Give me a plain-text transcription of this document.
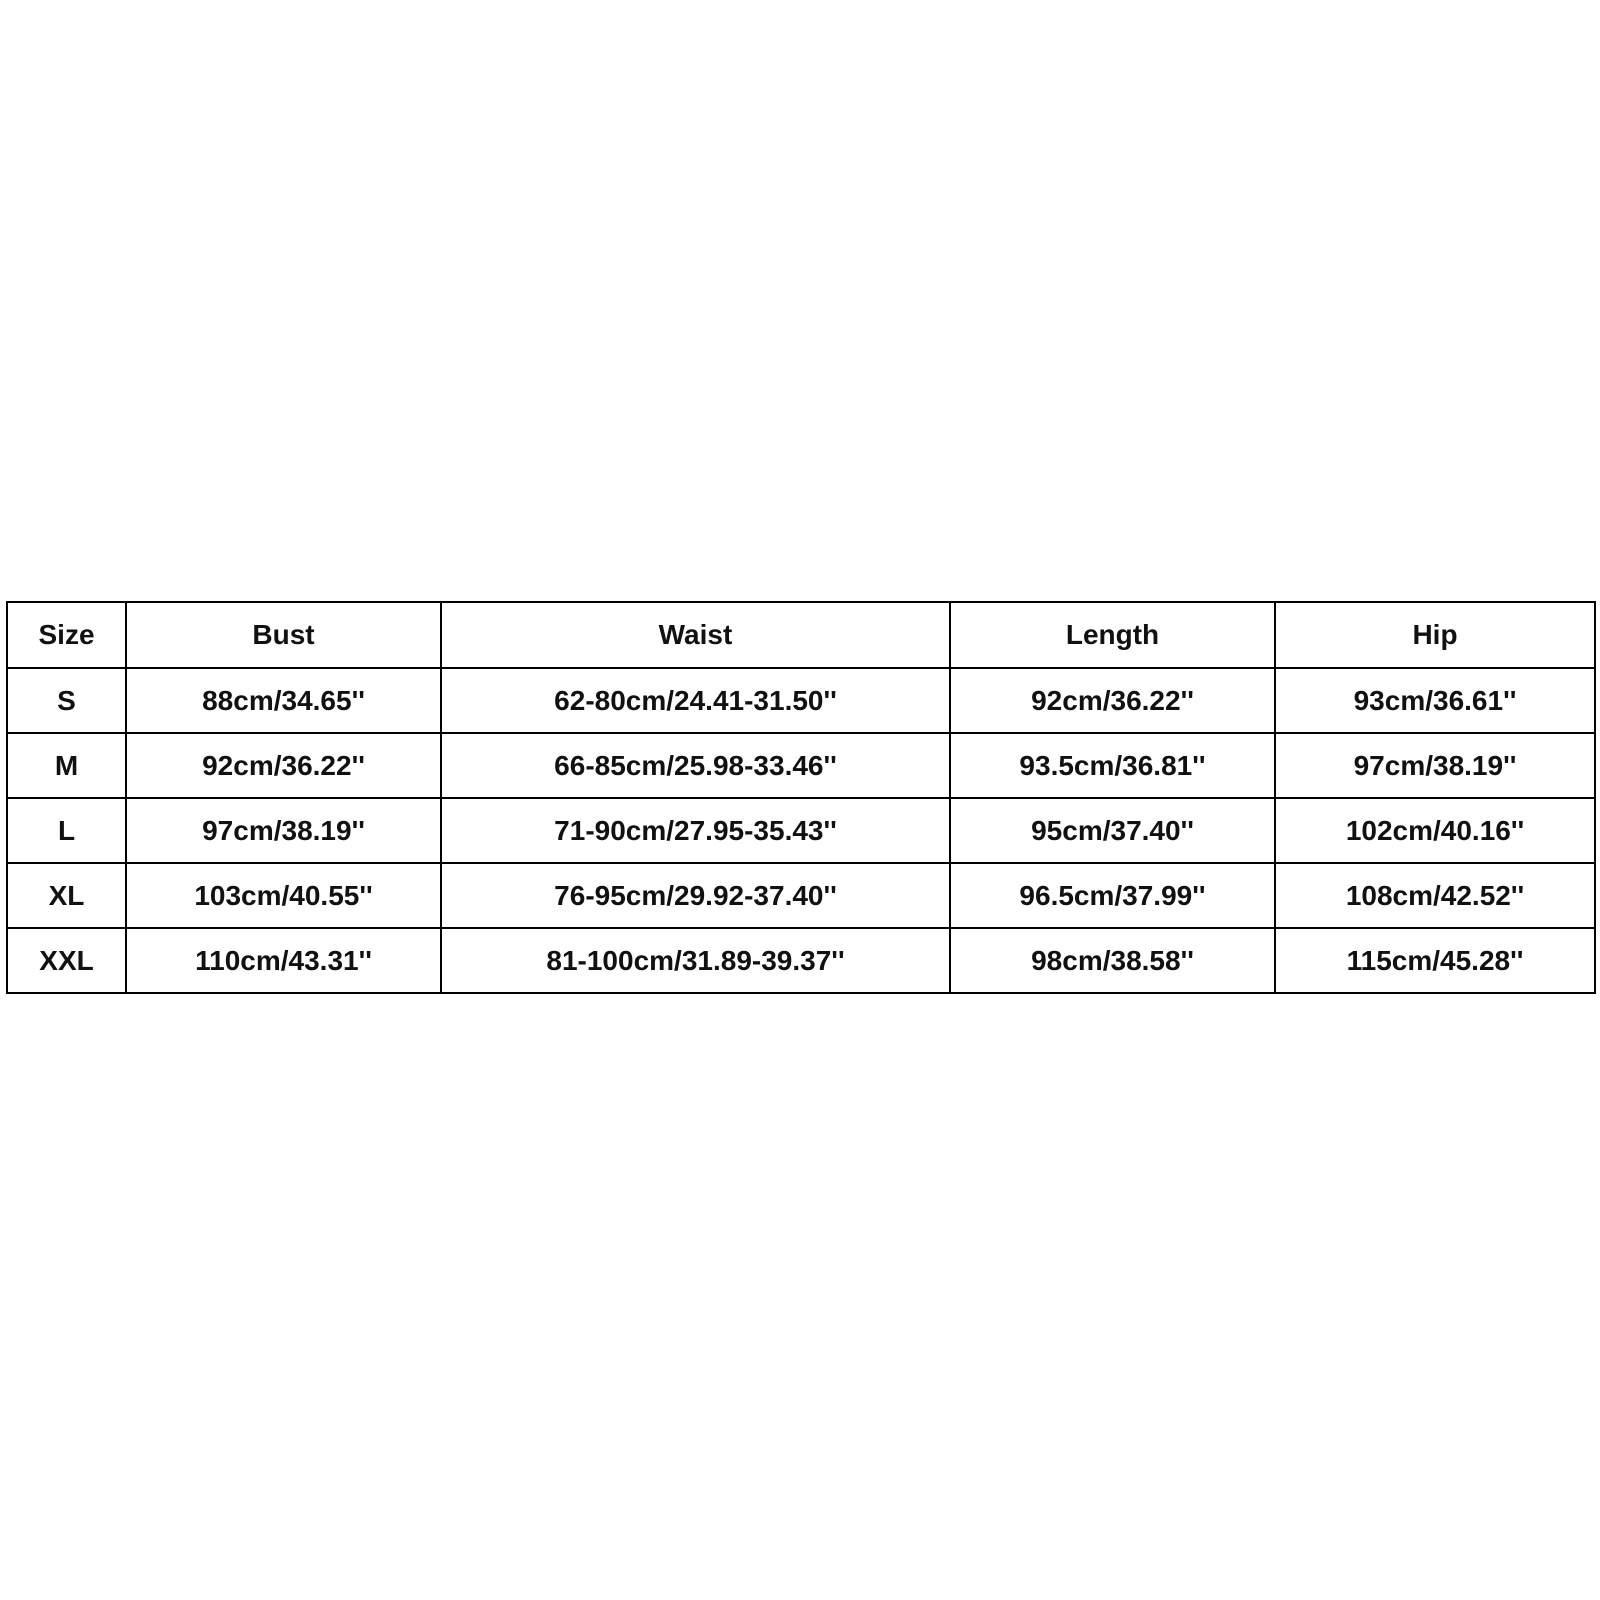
Size	Bust	Waist	Length	Hip
S	88cm/34.65''	62-80cm/24.41-31.50''	92cm/36.22''	93cm/36.61''
M	92cm/36.22''	66-85cm/25.98-33.46''	93.5cm/36.81''	97cm/38.19''
L	97cm/38.19''	71-90cm/27.95-35.43''	95cm/37.40''	102cm/40.16''
XL	103cm/40.55''	76-95cm/29.92-37.40''	96.5cm/37.99''	108cm/42.52''
XXL	110cm/43.31''	81-100cm/31.89-39.37''	98cm/38.58''	115cm/45.28''
